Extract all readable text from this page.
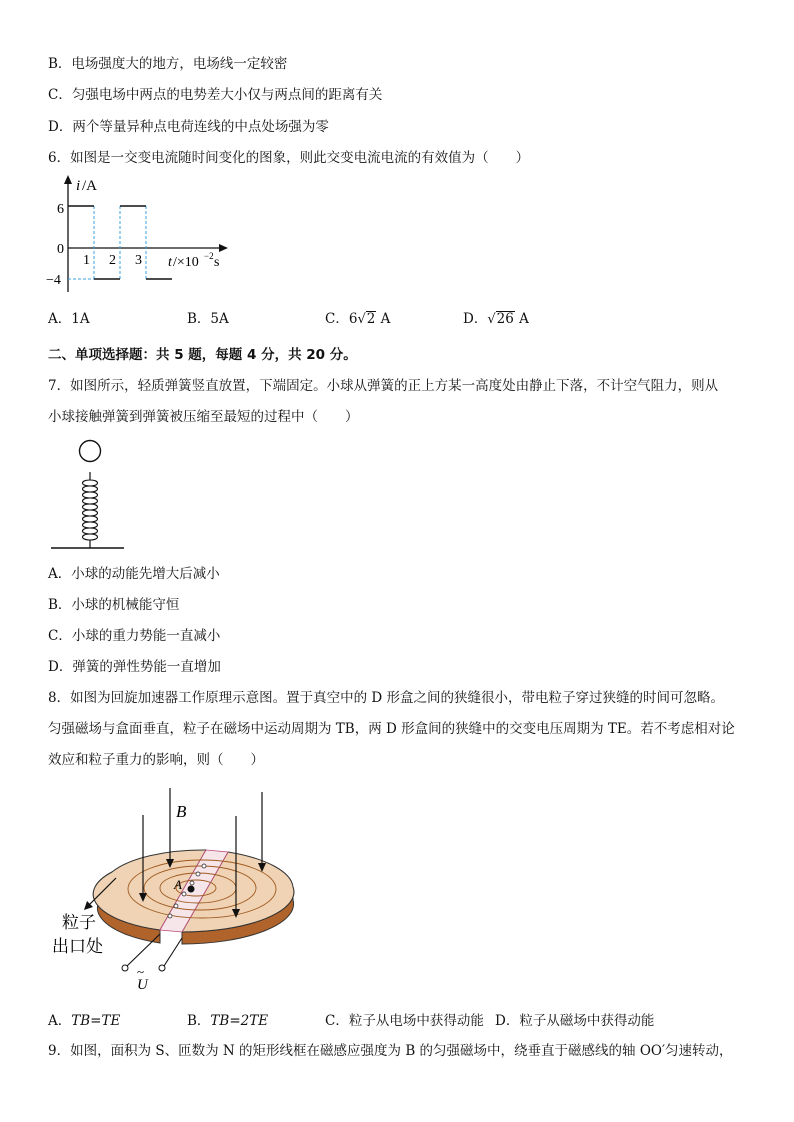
B．电场强度大的地方，电场线一定较密
C．匀强电场中两点的电势差大小仅与两点间的距离有关
D．两个等量异种点电荷连线的中点处场强为零
6．如图是一交变电流随时间变化的图象，则此交变电流电流的有效值为（　　）
i /A
6
0
−4
1 2 3 t /×10 −2 s
A．1A	B．5A	C．6√2 A	D．√26 A
二、单项选择题：共 5 题，每题 4 分，共 20 分。
7．如图所示，轻质弹簧竖直放置，下端固定。小球从弹簧的正上方某一高度处由静止下落，不计空气阻力，则从
小球接触弹簧到弹簧被压缩至最短的过程中（　　）
A．小球的动能先增大后减小
B．小球的机械能守恒
C．小球的重力势能一直减小
D．弹簧的弹性势能一直增加
8．如图为回旋加速器工作原理示意图。置于真空中的 D 形盒之间的狭缝很小，带电粒子穿过狭缝的时间可忽略。
匀强磁场与盒面垂直，粒子在磁场中运动周期为 TB，两 D 形盒间的狭缝中的交变电压周期为 TE。若不考虑相对论
效应和粒子重力的影响，则（　　）
A
B
粒子
出口处
~
U
A．TB=TE	B．TB=2TE	C．粒子从电场中获得动能 D．粒子从磁场中获得动能
9．如图，面积为 S、匝数为 N 的矩形线框在磁感应强度为 B 的匀强磁场中，绕垂直于磁感线的轴 OO′匀速转动，
